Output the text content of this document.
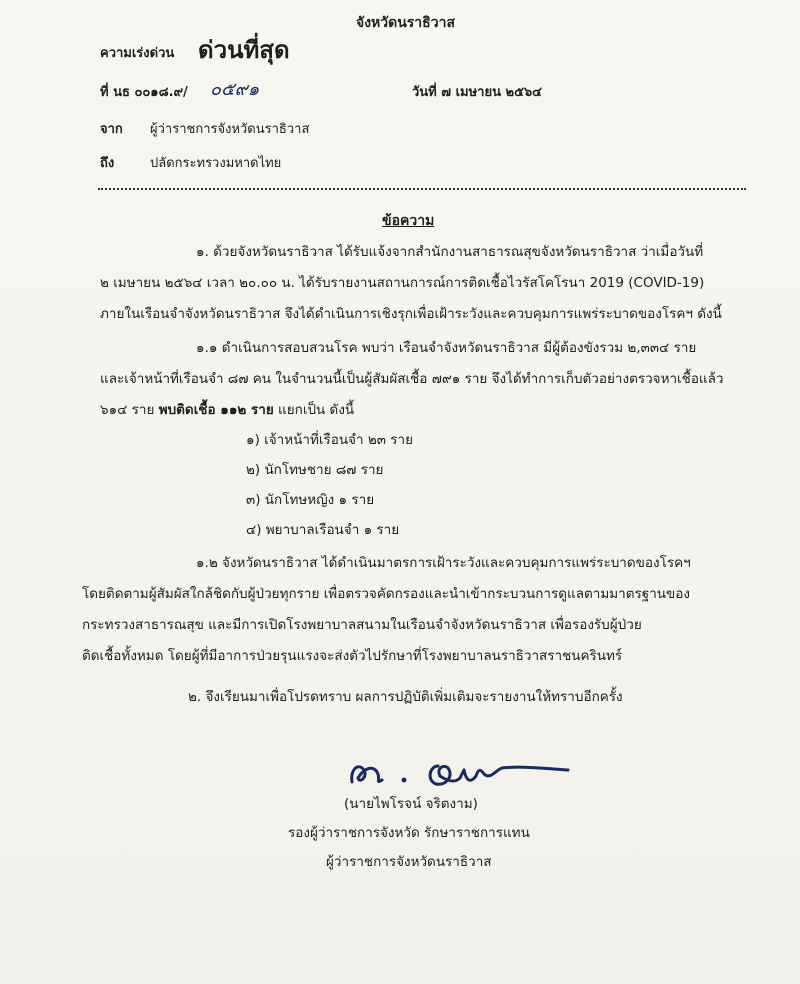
จังหวัดนราธิวาส
ความเร่งด่วน ด่วนที่สุด
ที่ นธ ๐๐๑๘.๙/ ๐๕๙๑	วันที่ ๗ เมษายน ๒๕๖๔
จาก ผู้ว่าราชการจังหวัดนราธิวาส
ถึง	ปลัดกระทรวงมหาดไทย
ข้อความ
๑. ด้วยจังหวัดนราธิวาส ได้รับแจ้งจากสำนักงานสาธารณสุขจังหวัดนราธิวาส ว่าเมื่อวันที่
๒ เมษายน ๒๕๖๔ เวลา ๒๐.๐๐ น. ได้รับรายงานสถานการณ์การติดเชื้อไวรัสโคโรนา 2019 (COVID-19)
ภายในเรือนจำจังหวัดนราธิวาส จึงได้ดำเนินการเชิงรุกเพื่อเฝ้าระวังและควบคุมการแพร่ระบาดของโรคฯ ดังนี้
๑.๑ ดำเนินการสอบสวนโรค พบว่า เรือนจำจังหวัดนราธิวาส มีผู้ต้องขังรวม ๒,๓๓๔ ราย
และเจ้าหน้าที่เรือนจำ ๘๗ คน ในจำนวนนี้เป็นผู้สัมผัสเชื้อ ๗๙๑ ราย จึงได้ทำการเก็บตัวอย่างตรวจหาเชื้อแล้ว
๖๑๔ ราย พบติดเชื้อ ๑๑๒ ราย แยกเป็น ดังนี้
๑) เจ้าหน้าที่เรือนจำ ๒๓ ราย
๒) นักโทษชาย ๘๗ ราย
๓) นักโทษหญิง ๑ ราย
๔) พยาบาลเรือนจำ ๑ ราย
๑.๒ จังหวัดนราธิวาส ได้ดำเนินมาตรการเฝ้าระวังและควบคุมการแพร่ระบาดของโรคฯ
โดยติดตามผู้สัมผัสใกล้ชิดกับผู้ป่วยทุกราย เพื่อตรวจคัดกรองและนำเข้ากระบวนการดูแลตามมาตรฐานของ
กระทรวงสาธารณสุข และมีการเปิดโรงพยาบาลสนามในเรือนจำจังหวัดนราธิวาส เพื่อรองรับผู้ป่วย
ติดเชื้อทั้งหมด โดยผู้ที่มีอาการป่วยรุนแรงจะส่งตัวไปรักษาที่โรงพยาบาลนราธิวาสราชนครินทร์
๒. จึงเรียนมาเพื่อโปรดทราบ ผลการปฏิบัติเพิ่มเติมจะรายงานให้ทราบอีกครั้ง
(นายไพโรจน์ จริตงาม)
รองผู้ว่าราชการจังหวัด รักษาราชการแทน
ผู้ว่าราชการจังหวัดนราธิวาส
